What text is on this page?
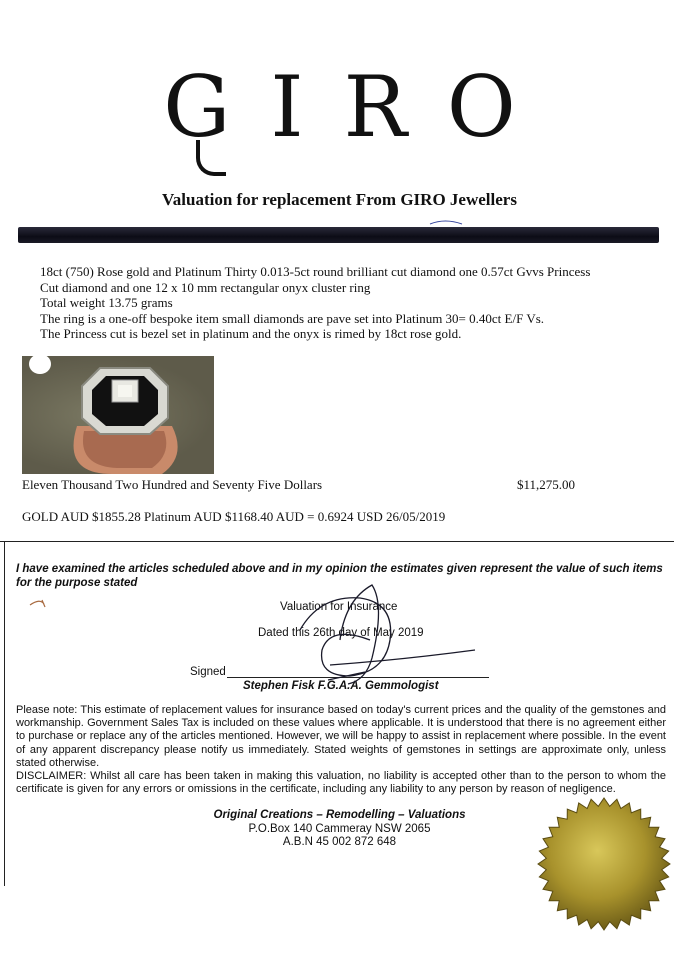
GIRO
Valuation for replacement From GIRO Jewellers
18ct (750) Rose gold and Platinum Thirty 0.013-5ct round brilliant cut diamond one 0.57ct Gvvs Princess
Cut diamond and one 12 x 10 mm rectangular onyx cluster ring
Total weight 13.75 grams
The ring is a one-off bespoke item small diamonds are pave set into Platinum 30= 0.40ct E/F Vs.
The Princess cut is bezel set in platinum and the onyx is rimed by 18ct rose gold.
Eleven Thousand Two Hundred and Seventy Five Dollars	$11,275.00
GOLD AUD $1855.28 Platinum AUD $1168.40 AUD = 0.6924 USD 26/05/2019
I have examined the articles scheduled above and in my opinion the estimates given represent the value of such items for the purpose stated
Valuation for Insurance
Dated this 26th day of May 2019
Signed
Stephen Fisk F.G.A.A. Gemmologist
Please note: This estimate of replacement values for insurance based on today's current prices and the quality of the gemstones and workmanship. Government Sales Tax is included on these values where applicable. It is understood that there is no agreement either to purchase or replace any of the articles mentioned. However, we will be happy to assist in replacement where possible. In the event of any apparent discrepancy please notify us immediately. Stated weights of gemstones in settings are approximate only, unless stated otherwise.
DISCLAIMER: Whilst all care has been taken in making this valuation, no liability is accepted other than to the person to whom the certificate is given for any errors or omissions in the certificate, including any liability to any person by reason of negligence.
Original Creations – Remodelling – Valuations
P.O.Box 140 Cammeray NSW 2065
A.B.N 45 002 872 648
